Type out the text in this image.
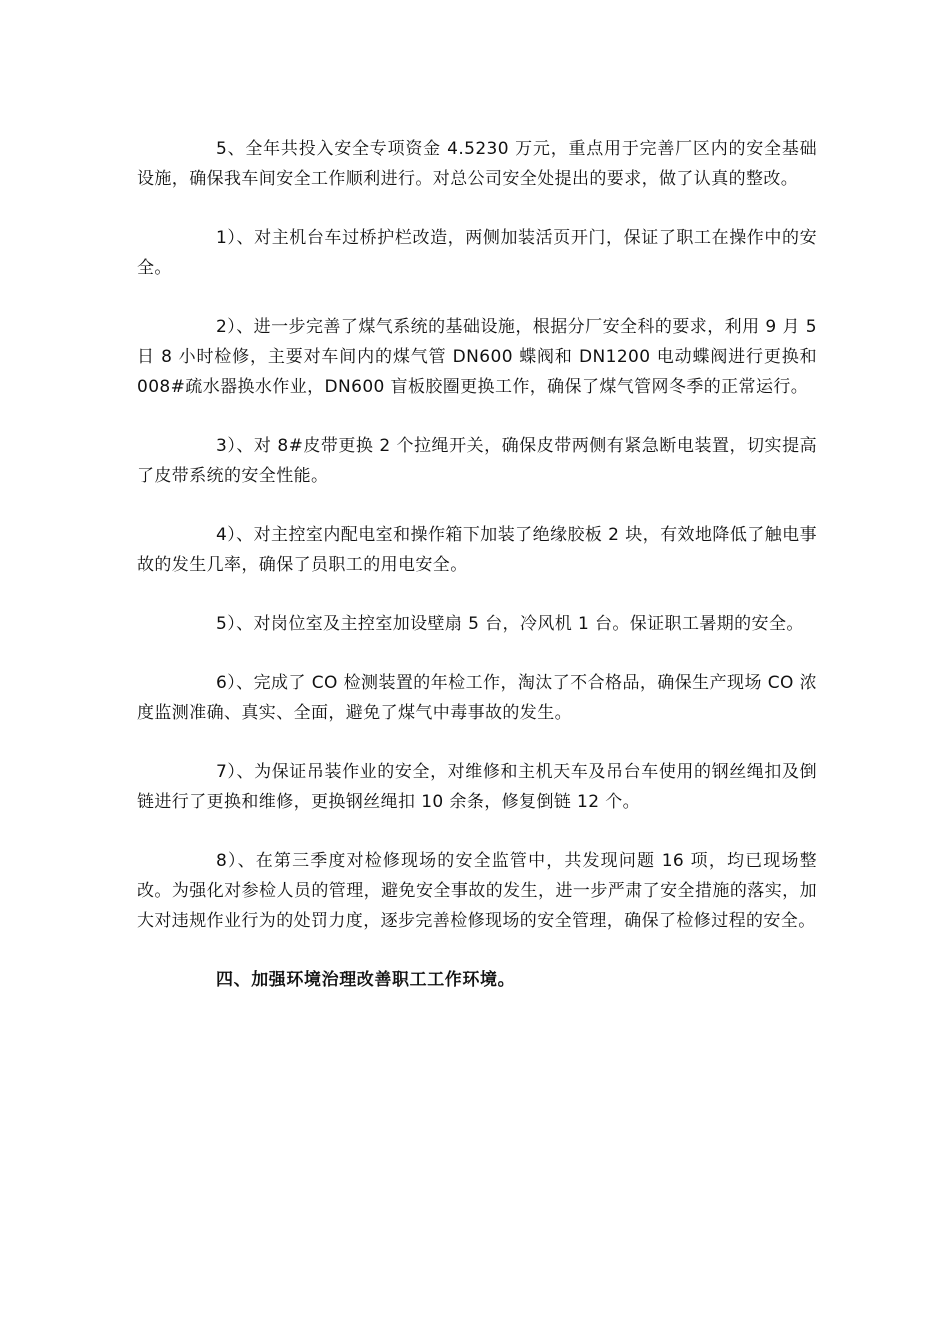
5、全年共投入安全专项资金 4.5230 万元，重点用于完善厂区内的安全基础设施，确保我车间安全工作顺利进行。对总公司安全处提出的要求，做了认真的整改。

1）、对主机台车过桥护栏改造，两侧加装活页开门，保证了职工在操作中的安全。

2）、进一步完善了煤气系统的基础设施，根据分厂安全科的要求，利用 9 月 5 日 8 小时检修，主要对车间内的煤气管 DN600 蝶阀和 DN1200 电动蝶阀进行更换和 008#疏水器换水作业，DN600 盲板胶圈更换工作，确保了煤气管网冬季的正常运行。

3）、对 8#皮带更换 2 个拉绳开关，确保皮带两侧有紧急断电装置，切实提高了皮带系统的安全性能。

4）、对主控室内配电室和操作箱下加装了绝缘胶板 2 块，有效地降低了触电事故的发生几率，确保了员职工的用电安全。

5）、对岗位室及主控室加设壁扇 5 台，冷风机 1 台。保证职工暑期的安全。

6）、完成了 CO 检测装置的年检工作，淘汰了不合格品，确保生产现场 CO 浓度监测准确、真实、全面，避免了煤气中毒事故的发生。

7）、为保证吊装作业的安全，对维修和主机天车及吊台车使用的钢丝绳扣及倒链进行了更换和维修，更换钢丝绳扣 10 余条，修复倒链 12 个。

8）、在第三季度对检修现场的安全监管中，共发现问题 16 项，均已现场整改。为强化对参检人员的管理，避免安全事故的发生，进一步严肃了安全措施的落实，加大对违规作业行为的处罚力度，逐步完善检修现场的安全管理，确保了检修过程的安全。

四、加强环境治理改善职工工作环境。
